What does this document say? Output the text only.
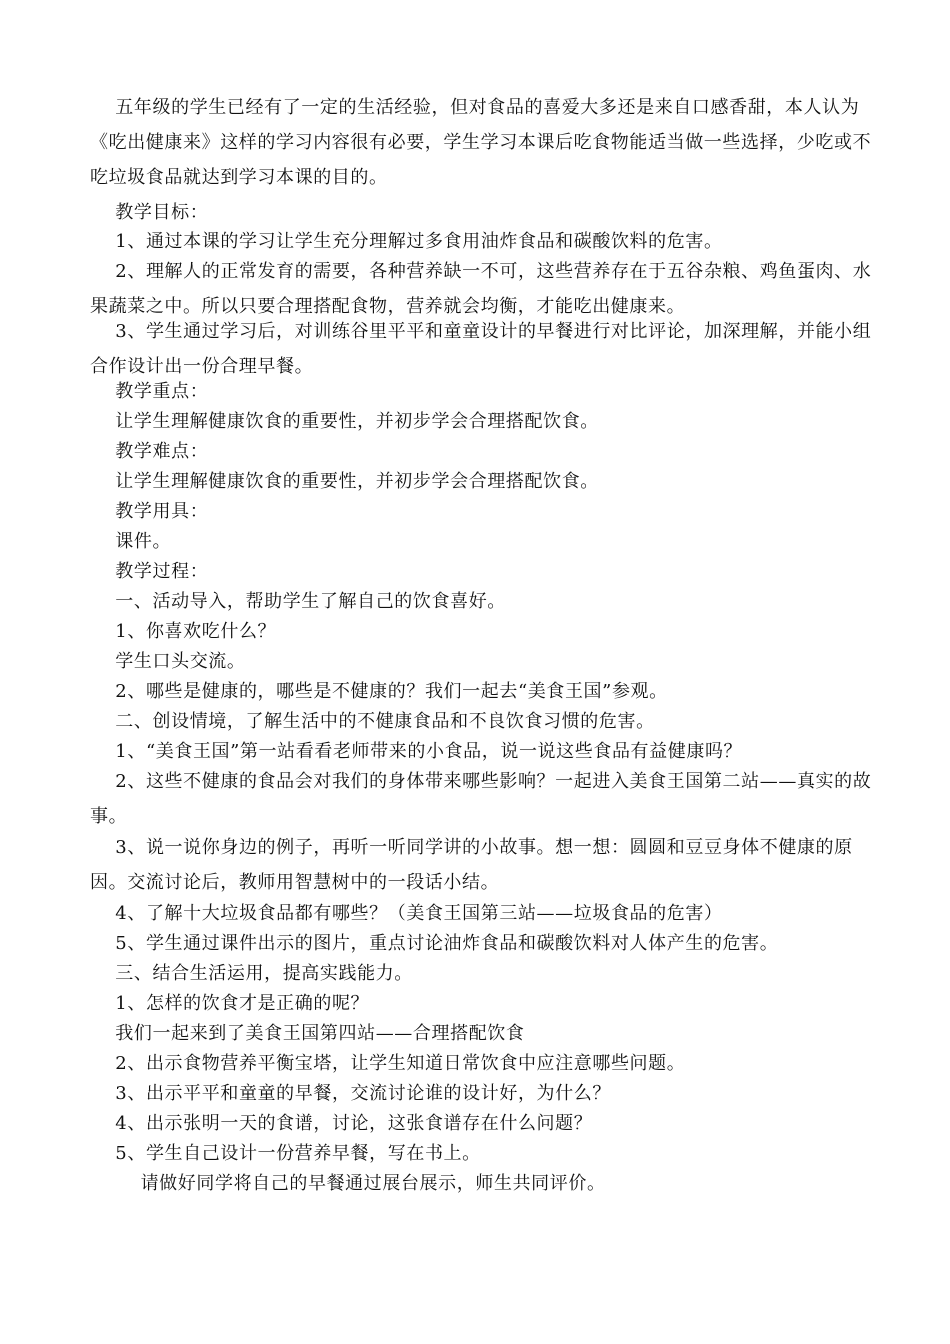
五年级的学生已经有了一定的生活经验，但对食品的喜爱大多还是来自口感香甜，本人认为《吃出健康来》这样的学习内容很有必要，学生学习本课后吃食物能适当做一些选择，少吃或不吃垃圾食品就达到学习本课的目的。
教学目标：
1、通过本课的学习让学生充分理解过多食用油炸食品和碳酸饮料的危害。
2、理解人的正常发育的需要，各种营养缺一不可，这些营养存在于五谷杂粮、鸡鱼蛋肉、水果蔬菜之中。所以只要合理搭配食物，营养就会均衡，才能吃出健康来。
3、学生通过学习后，对训练谷里平平和童童设计的早餐进行对比评论，加深理解，并能小组合作设计出一份合理早餐。
教学重点：
让学生理解健康饮食的重要性，并初步学会合理搭配饮食。
教学难点：
让学生理解健康饮食的重要性，并初步学会合理搭配饮食。
教学用具：
课件。
教学过程：
一、活动导入，帮助学生了解自己的饮食喜好。
1、你喜欢吃什么？
学生口头交流。
2、哪些是健康的，哪些是不健康的？我们一起去“美食王国”参观。
二、创设情境，了解生活中的不健康食品和不良饮食习惯的危害。
1、“美食王国”第一站看看老师带来的小食品，说一说这些食品有益健康吗？
2、这些不健康的食品会对我们的身体带来哪些影响？一起进入美食王国第二站——真实的故事。
3、说一说你身边的例子，再听一听同学讲的小故事。想一想：圆圆和豆豆身体不健康的原因。交流讨论后，教师用智慧树中的一段话小结。
4、了解十大垃圾食品都有哪些？（美食王国第三站——垃圾食品的危害）
5、学生通过课件出示的图片，重点讨论油炸食品和碳酸饮料对人体产生的危害。
三、结合生活运用，提高实践能力。
1、怎样的饮食才是正确的呢？
我们一起来到了美食王国第四站——合理搭配饮食
2、出示食物营养平衡宝塔，让学生知道日常饮食中应注意哪些问题。
3、出示平平和童童的早餐，交流讨论谁的设计好，为什么？
4、出示张明一天的食谱，讨论，这张食谱存在什么问题？
5、学生自己设计一份营养早餐，写在书上。
请做好同学将自己的早餐通过展台展示，师生共同评价。
